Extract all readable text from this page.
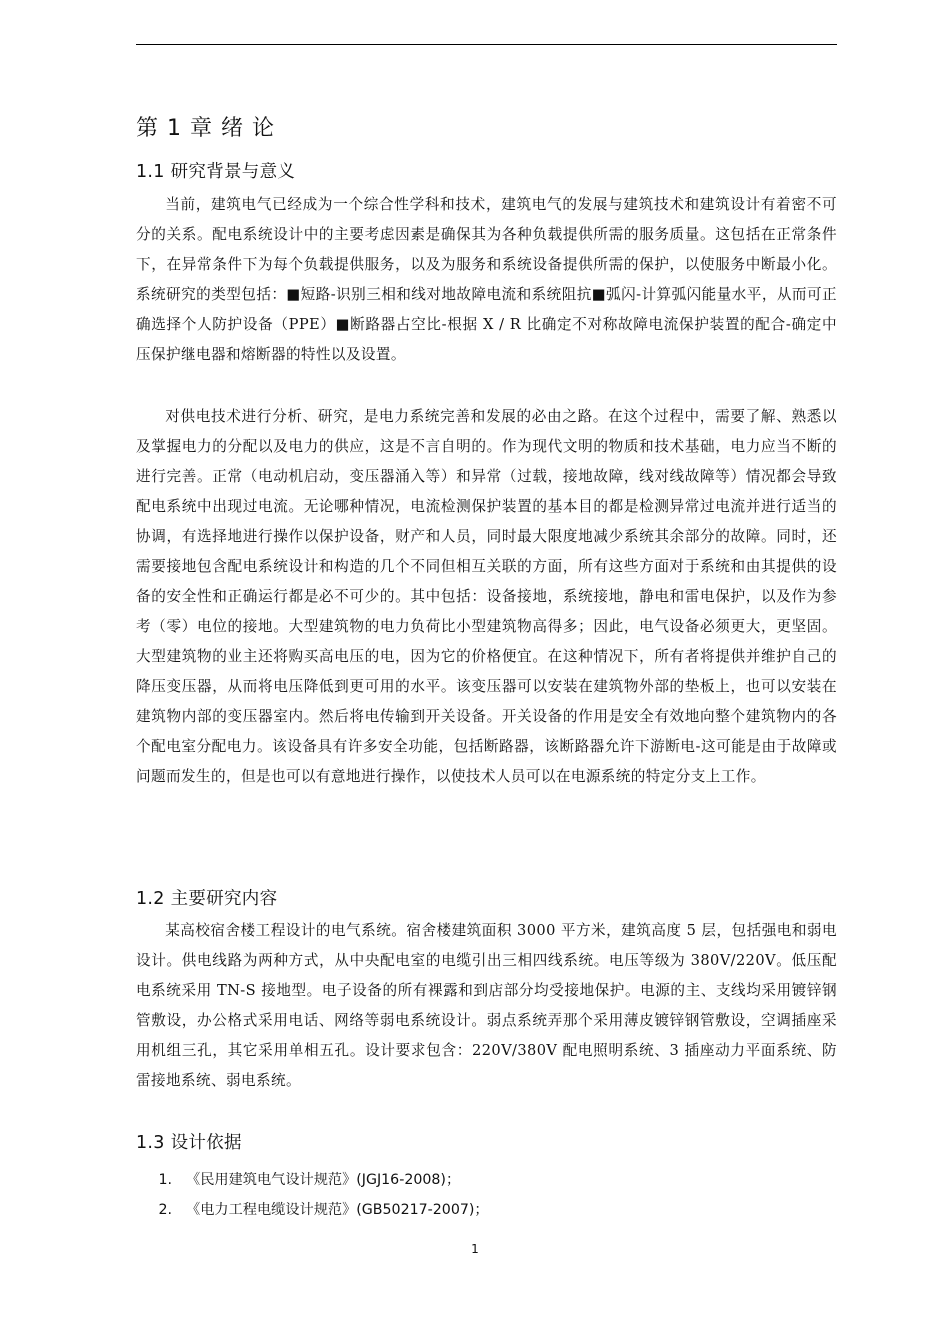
第 1 章 绪 论
1.1 研究背景与意义

当前，建筑电气已经成为一个综合性学科和技术，建筑电气的发展与建筑技术和建筑设计有着密不可分的关系。配电系统设计中的主要考虑因素是确保其为各种负载提供所需的服务质量。这包括在正常条件下，在异常条件下为每个负载提供服务，以及为服务和系统设备提供所需的保护，以使服务中断最小化。系统研究的类型包括：■短路-识别三相和线对地故障电流和系统阻抗■弧闪-计算弧闪能量水平，从而可正确选择个人防护设备（PPE）■断路器占空比-根据 X / R 比确定不对称故障电流保护装置的配合-确定中压保护继电器和熔断器的特性以及设置。

对供电技术进行分析、研究，是电力系统完善和发展的必由之路。在这个过程中，需要了解、熟悉以及掌握电力的分配以及电力的供应，这是不言自明的。作为现代文明的物质和技术基础，电力应当不断的进行完善。正常（电动机启动，变压器涌入等）和异常（过载，接地故障，线对线故障等）情况都会导致配电系统中出现过电流。无论哪种情况，电流检测保护装置的基本目的都是检测异常过电流并进行适当的协调，有选择地进行操作以保护设备，财产和人员，同时最大限度地减少系统其余部分的故障。同时，还需要接地包含配电系统设计和构造的几个不同但相互关联的方面，所有这些方面对于系统和由其提供的设备的安全性和正确运行都是必不可少的。其中包括：设备接地，系统接地，静电和雷电保护，以及作为参考（零）电位的接地。大型建筑物的电力负荷比小型建筑物高得多；因此，电气设备必须更大，更坚固。大型建筑物的业主还将购买高电压的电，因为它的价格便宜。在这种情况下，所有者将提供并维护自己的降压变压器，从而将电压降低到更可用的水平。该变压器可以安装在建筑物外部的垫板上，也可以安装在建筑物内部的变压器室内。然后将电传输到开关设备。开关设备的作用是安全有效地向整个建筑物内的各个配电室分配电力。该设备具有许多安全功能，包括断路器，该断路器允许下游断电-这可能是由于故障或问题而发生的，但是也可以有意地进行操作，以使技术人员可以在电源系统的特定分支上工作。

1.2 主要研究内容

某高校宿舍楼工程设计的电气系统。宿舍楼建筑面积 3000 平方米，建筑高度 5 层，包括强电和弱电设计。供电线路为两种方式，从中央配电室的电缆引出三相四线系统。电压等级为 380V/220V。低压配电系统采用 TN-S 接地型。电子设备的所有裸露和到店部分均受接地保护。电源的主、支线均采用镀锌钢管敷设，办公格式采用电话、网络等弱电系统设计。弱点系统弄那个采用薄皮镀锌钢管敷设，空调插座采用机组三孔，其它采用单相五孔。设计要求包含：220V/380V 配电照明系统、3 插座动力平面系统、防雷接地系统、弱电系统。

1.3 设计依据
1. 《民用建筑电气设计规范》(JGJ16-2008)；
2. 《电力工程电缆设计规范》(GB50217-2007)；
1
